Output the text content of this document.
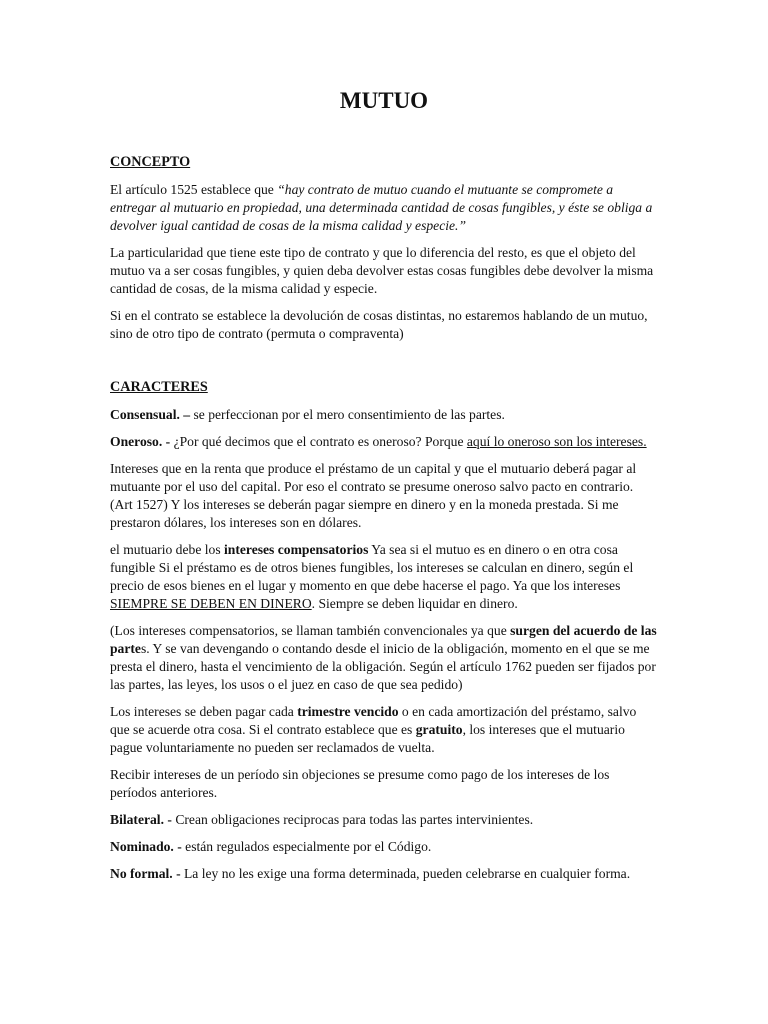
MUTUO
CONCEPTO

El artículo 1525 establece que “hay contrato de mutuo cuando el mutuante se compromete a entregar al mutuario en propiedad, una determinada cantidad de cosas fungibles, y éste se obliga a devolver igual cantidad de cosas de la misma calidad y especie.”

La particularidad que tiene este tipo de contrato y que lo diferencia del resto, es que el objeto del mutuo va a ser cosas fungibles, y quien deba devolver estas cosas fungibles debe devolver la misma cantidad de cosas, de la misma calidad y especie.

Si en el contrato se establece la devolución de cosas distintas, no estaremos hablando de un mutuo, sino de otro tipo de contrato (permuta o compraventa)

CARACTERES

Consensual. – se perfeccionan por el mero consentimiento de las partes.

Oneroso. - ¿Por qué decimos que el contrato es oneroso? Porque aquí lo oneroso son los intereses.

Intereses que en la renta que produce el préstamo de un capital y que el mutuario deberá pagar al mutuante por el uso del capital. Por eso el contrato se presume oneroso salvo pacto en contrario. (Art 1527) Y los intereses se deberán pagar siempre en dinero y en la moneda prestada. Si me prestaron dólares, los intereses son en dólares.

el mutuario debe los intereses compensatorios Ya sea si el mutuo es en dinero o en otra cosa fungible Si el préstamo es de otros bienes fungibles, los intereses se calculan en dinero, según el precio de esos bienes en el lugar y momento en que debe hacerse el pago. Ya que los intereses SIEMPRE SE DEBEN EN DINERO. Siempre se deben liquidar en dinero.

(Los intereses compensatorios, se llaman también convencionales ya que surgen del acuerdo de las partes. Y se van devengando o contando desde el inicio de la obligación, momento en el que se me presta el dinero, hasta el vencimiento de la obligación. Según el artículo 1762 pueden ser fijados por las partes, las leyes, los usos o el juez en caso de que sea pedido)

Los intereses se deben pagar cada trimestre vencido o en cada amortización del préstamo, salvo que se acuerde otra cosa. Si el contrato establece que es gratuito, los intereses que el mutuario pague voluntariamente no pueden ser reclamados de vuelta.

Recibir intereses de un período sin objeciones se presume como pago de los intereses de los períodos anteriores.

Bilateral. - Crean obligaciones reciprocas para todas las partes intervinientes.

Nominado. - están regulados especialmente por el Código.

No formal. - La ley no les exige una forma determinada, pueden celebrarse en cualquier forma.
